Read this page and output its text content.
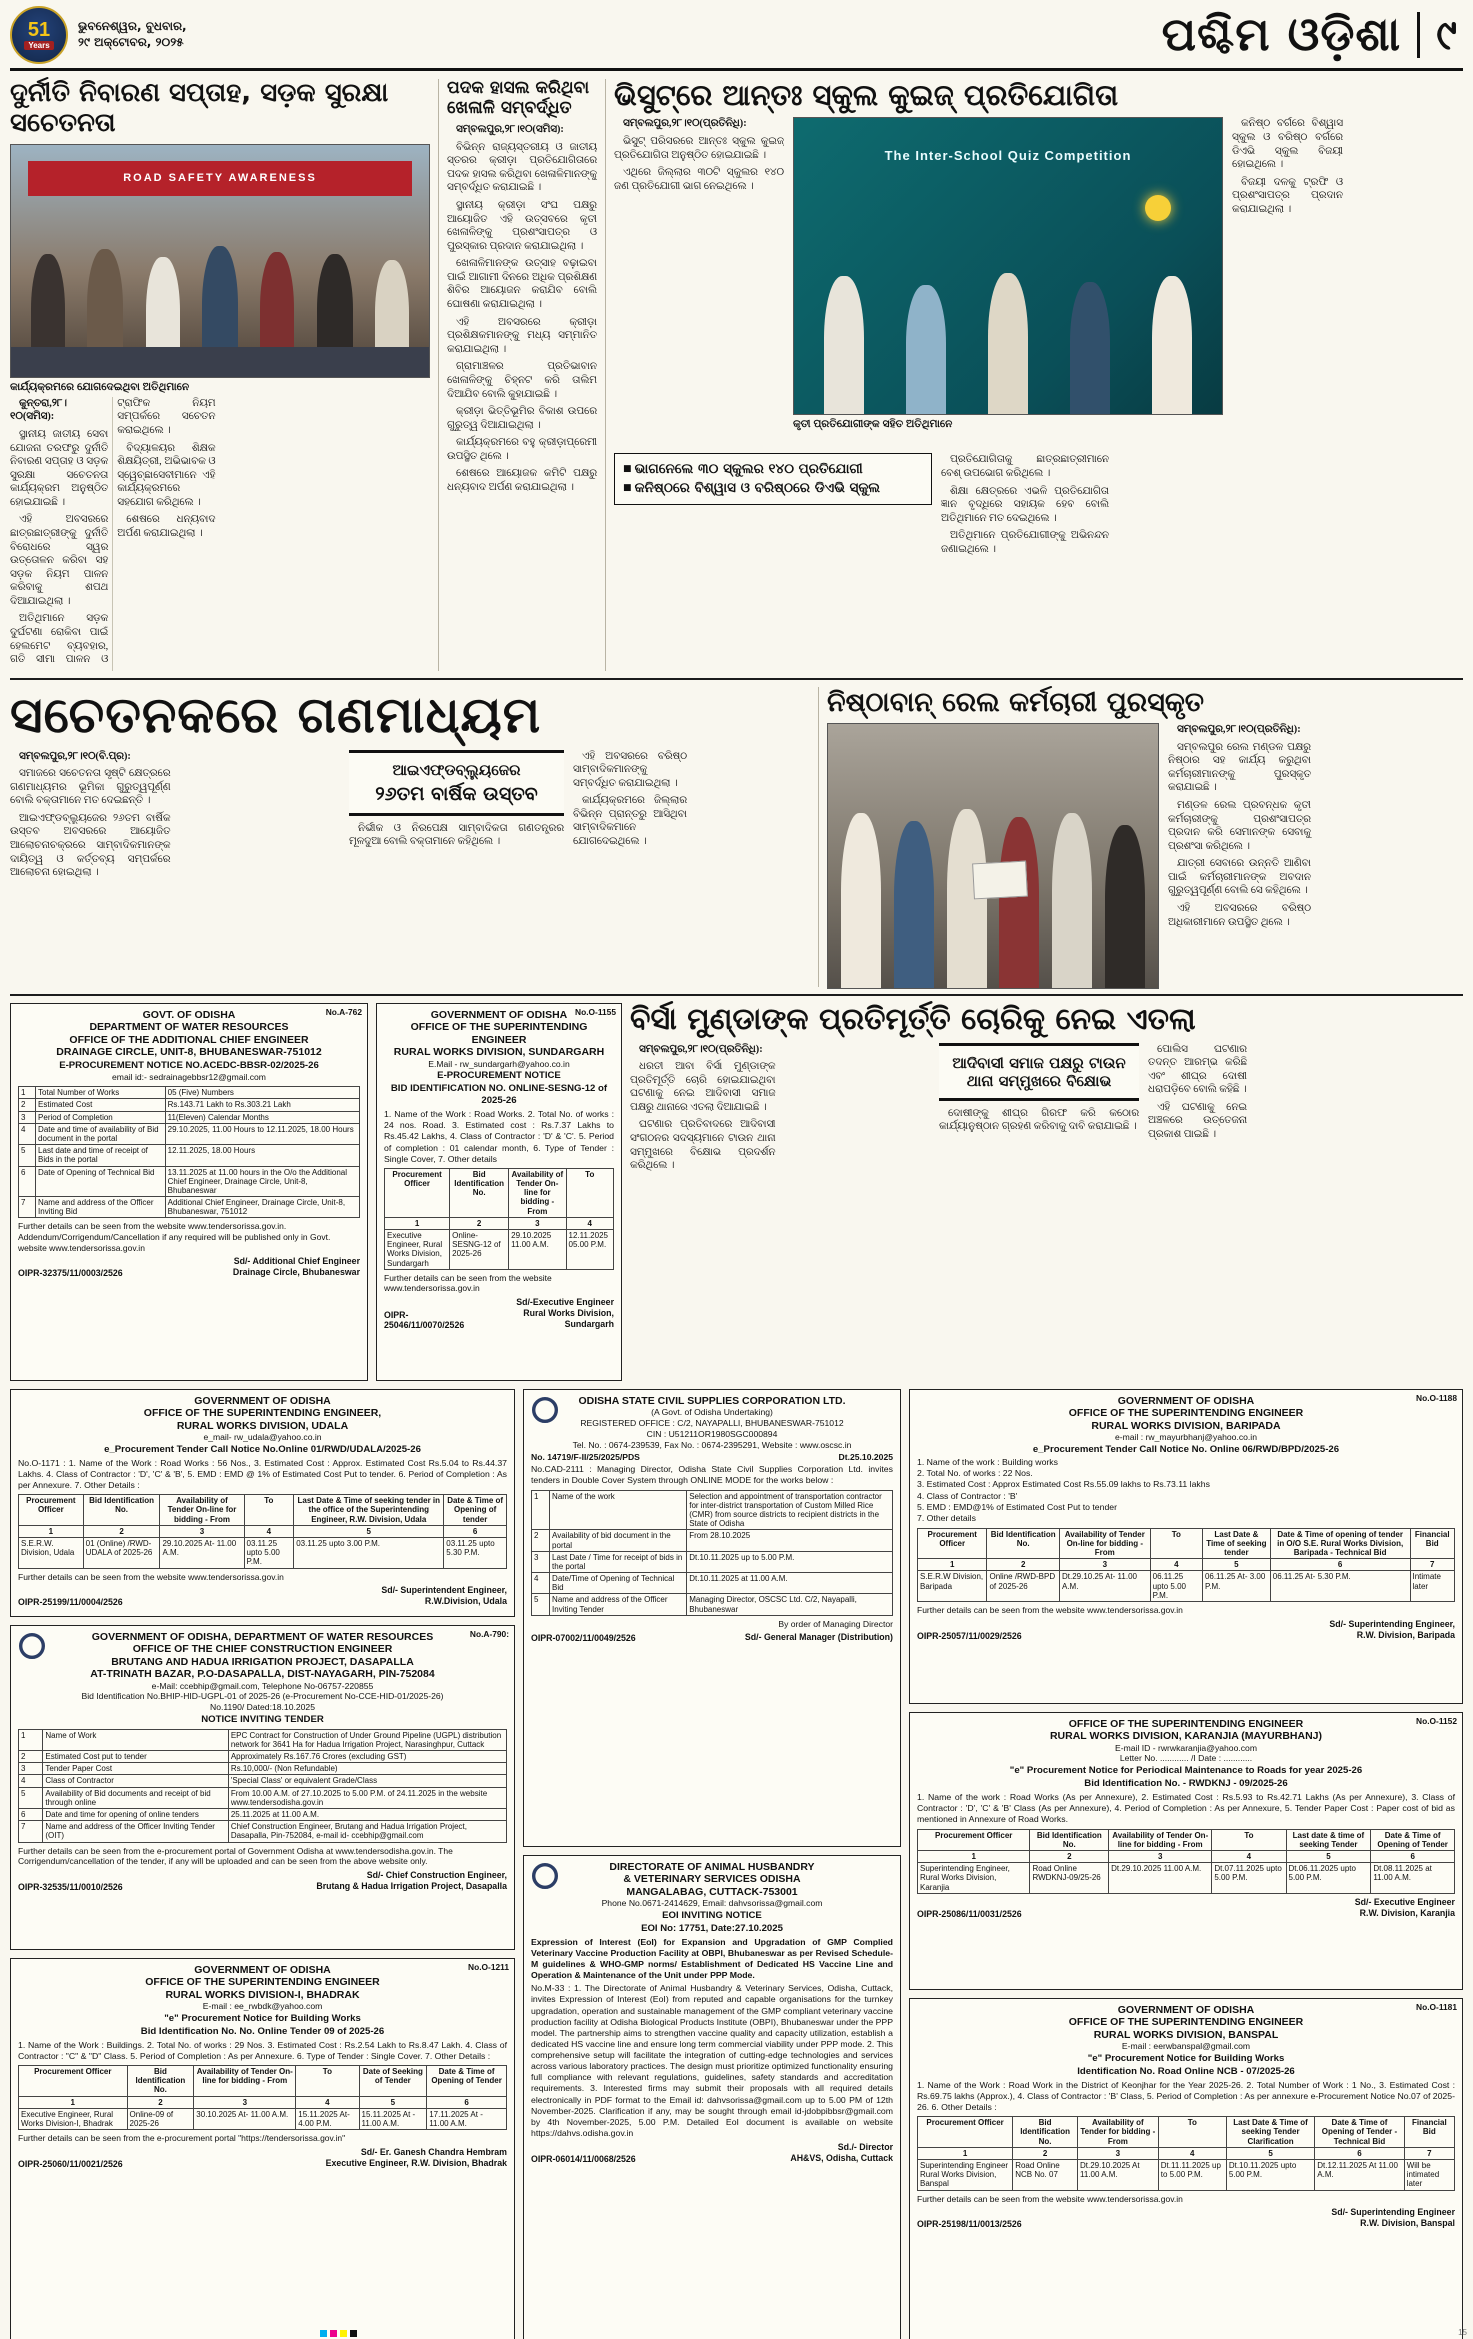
51
Years
ଭୁବନେଶ୍ୱର, ବୁଧବାର,
୨୯ ଅକ୍ଟୋବର, ୨୦୨୫	ପଶ୍ଚିମ ଓଡ଼ିଶା ୯
ଦୁର୍ନୀତି ନିବାରଣ ସପ୍ତାହ, ସଡ଼କ ସୁରକ୍ଷା ସଚେତନତା
ROAD SAFETY AWARENESS
କାର୍ଯ୍ୟକ୍ରମରେ ଯୋଗଦେଇଥିବା ଅତିଥିମାନେ

କୁନ୍ତରା,୨୮।୧୦(ସମିସ):

ସ୍ଥାନୀୟ ଜାତୀୟ ସେବା ଯୋଜନା ତରଫରୁ ଦୁର୍ନୀତି ନିବାରଣ ସପ୍ତାହ ଓ ସଡ଼କ ସୁରକ୍ଷା ସଚେତନତା କାର୍ଯ୍ୟକ୍ରମ ଅନୁଷ୍ଠିତ ହୋଇଯାଇଛି ।

ଏହି ଅବସରରେ ଛାତ୍ରଛାତ୍ରୀଙ୍କୁ ଦୁର୍ନୀତି ବିରୋଧରେ ସ୍ୱର ଉତ୍ତୋଳନ କରିବା ସହ ସଡ଼କ ନିୟମ ପାଳନ କରିବାକୁ ଶପଥ ଦିଆଯାଇଥିଲା ।

ଅତିଥିମାନେ ସଡ଼କ ଦୁର୍ଘଟଣା ରୋକିବା ପାଇଁ ହେଲମେଟ ବ୍ୟବହାର, ଗତି ସୀମା ପାଳନ ଓ ଟ୍ରାଫିକ ନିୟମ ସମ୍ପର୍କରେ ସଚେତନ କରାଇଥିଲେ ।

ବିଦ୍ୟାଳୟର ଶିକ୍ଷକ ଶିକ୍ଷୟିତ୍ରୀ, ଅଭିଭାବକ ଓ ସ୍ୱେଚ୍ଛାସେବୀମାନେ ଏହି କାର୍ଯ୍ୟକ୍ରମରେ ସହଯୋଗ କରିଥିଲେ ।

ଶେଷରେ ଧନ୍ୟବାଦ ଅର୍ପଣ କରାଯାଇଥିଲା ।

ପଦକ ହାସଲ କରିଥିବା ଖେଳାଳି ସମ୍ବର୍ଦ୍ଧିତ

ସମ୍ବଲପୁର,୨୮।୧୦(ସମିସ):

ବିଭିନ୍ନ ରାଜ୍ୟସ୍ତରୀୟ ଓ ଜାତୀୟ ସ୍ତରର କ୍ରୀଡ଼ା ପ୍ରତିଯୋଗିତାରେ ପଦକ ହାସଲ କରିଥିବା ଖେଳାଳିମାନଙ୍କୁ ସମ୍ବର୍ଦ୍ଧିତ କରାଯାଇଛି ।

ସ୍ଥାନୀୟ କ୍ରୀଡ଼ା ସଂଘ ପକ୍ଷରୁ ଆୟୋଜିତ ଏହି ଉତ୍ସବରେ କୃତୀ ଖେଳାଳିଙ୍କୁ ପ୍ରଶଂସାପତ୍ର ଓ ପୁରସ୍କାର ପ୍ରଦାନ କରାଯାଇଥିଲା ।

ଖେଳାଳିମାନଙ୍କ ଉତ୍ସାହ ବଢ଼ାଇବା ପାଇଁ ଆଗାମୀ ଦିନରେ ଅଧିକ ପ୍ରଶିକ୍ଷଣ ଶିବିର ଆୟୋଜନ କରାଯିବ ବୋଲି ଘୋଷଣା କରାଯାଇଥିଲା ।

ଏହି ଅବସରରେ କ୍ରୀଡ଼ା ପ୍ରଶିକ୍ଷକମାନଙ୍କୁ ମଧ୍ୟ ସମ୍ମାନିତ କରାଯାଇଥିଲା ।

ଗ୍ରାମାଞ୍ଚଳର ପ୍ରତିଭାବାନ ଖେଳାଳିଙ୍କୁ ଚିହ୍ନଟ କରି ତାଲିମ ଦିଆଯିବ ବୋଲି କୁହାଯାଇଛି ।

କ୍ରୀଡ଼ା ଭିତ୍ତିଭୂମିର ବିକାଶ ଉପରେ ଗୁରୁତ୍ୱ ଦିଆଯାଇଥିଲା ।

କାର୍ଯ୍ୟକ୍ରମରେ ବହୁ କ୍ରୀଡ଼ାପ୍ରେମୀ ଉପସ୍ଥିତ ଥିଲେ ।

ଶେଷରେ ଆୟୋଜକ କମିଟି ପକ୍ଷରୁ ଧନ୍ୟବାଦ ଅର୍ପଣ କରାଯାଇଥିଲା ।

ଭିସୁଟ୍‌ରେ ଆନ୍ତଃ ସ୍କୁଲ କୁଇଜ୍ ପ୍ରତିଯୋଗିତା

ସମ୍ବଲପୁର,୨୮।୧୦(ପ୍ରତିନିଧି):

ଭିସୁଟ୍ ପରିସରରେ ଆନ୍ତଃ ସ୍କୁଲ କୁଇଜ୍ ପ୍ରତିଯୋଗିତା ଅନୁଷ୍ଠିତ ହୋଇଯାଇଛି ।

ଏଥିରେ ଜିଲ୍ଲାର ୩୦ଟି ସ୍କୁଲର ୧୪୦ ଜଣ ପ୍ରତିଯୋଗୀ ଭାଗ ନେଇଥିଲେ ।

The Inter-School Quiz Competition
କୃତୀ ପ୍ରତିଯୋଗୀଙ୍କ ସହିତ ଅତିଥିମାନେ

କନିଷ୍ଠ ବର୍ଗରେ ବିଶ୍ୱାସ ସ୍କୁଲ ଓ ବରିଷ୍ଠ ବର୍ଗରେ ଡିଏଭି ସ୍କୁଲ ବିଜୟୀ ହୋଇଥିଲେ ।

ବିଜୟୀ ଦଳକୁ ଟ୍ରଫି ଓ ପ୍ରଶଂସାପତ୍ର ପ୍ରଦାନ କରାଯାଇଥିଲା ।

■ ଭାଗନେଲେ ୩୦ ସ୍କୁଲର ୧୪୦ ପ୍ରତିଯୋଗୀ
■ କନିଷ୍ଠରେ ବିଶ୍ୱାସ ଓ ବରିଷ୍ଠରେ ଡିଏଭି ସ୍କୁଲ

ପ୍ରତିଯୋଗିତାକୁ ଛାତ୍ରଛାତ୍ରୀମାନେ ବେଶ୍ ଉପଭୋଗ କରିଥିଲେ ।

ଶିକ୍ଷା କ୍ଷେତ୍ରରେ ଏଭଳି ପ୍ରତିଯୋଗିତା ଜ୍ଞାନ ବୃଦ୍ଧିରେ ସହାୟକ ହେବ ବୋଲି ଅତିଥିମାନେ ମତ ଦେଇଥିଲେ ।

ଅତିଥିମାନେ ପ୍ରତିଯୋଗୀଙ୍କୁ ଅଭିନନ୍ଦନ ଜଣାଇଥିଲେ ।

ସଚେତନକରେ ଗଣମାଧ୍ୟମ

ସମ୍ବଲପୁର,୨୮।୧୦(ବି.ପ୍ର):

ସମାଜରେ ସଚେତନତା ସୃଷ୍ଟି କ୍ଷେତ୍ରରେ ଗଣମାଧ୍ୟମର ଭୂମିକା ଗୁରୁତ୍ୱପୂର୍ଣ୍ଣ ବୋଲି ବକ୍ତାମାନେ ମତ ଦେଇଛନ୍ତି ।

ଆଇଏଫ୍‌ଡବ୍ଲ୍ୟୁଜେର ୨୬ତମ ବାର୍ଷିକ ଉସ୍ତବ ଅବସରରେ ଆୟୋଜିତ ଆଲୋଚନାଚକ୍ରରେ ସାମ୍ବାଦିକମାନଙ୍କ ଦାୟିତ୍ୱ ଓ କର୍ତ୍ତବ୍ୟ ସମ୍ପର୍କରେ ଆଲୋଚନା ହୋଇଥିଲା ।

ଆଇଏଫ୍‌ଡବ୍ଲ୍ୟୁଜେର
୨୬ତମ ବାର୍ଷିକ ଉସ୍ତବ

ନିର୍ଭୀକ ଓ ନିରପେକ୍ଷ ସାମ୍ବାଦିକତା ଗଣତନ୍ତ୍ରର ମୂଳଦୁଆ ବୋଲି ବକ୍ତାମାନେ କହିଥିଲେ ।

ଏହି ଅବସରରେ ବରିଷ୍ଠ ସାମ୍ବାଦିକମାନଙ୍କୁ ସମ୍ବର୍ଦ୍ଧିତ କରାଯାଇଥିଲା ।

କାର୍ଯ୍ୟକ୍ରମରେ ଜିଲ୍ଲାର ବିଭିନ୍ନ ପ୍ରାନ୍ତରୁ ଆସିଥିବା ସାମ୍ବାଦିକମାନେ ଯୋଗଦେଇଥିଲେ ।

ନିଷ୍ଠାବାନ୍ ରେଲ କର୍ମଚାରୀ ପୁରସ୍କୃତ

ସମ୍ବଲପୁର,୨୮।୧୦(ପ୍ରତିନିଧି):

ସମ୍ବଲପୁର ରେଲ ମଣ୍ଡଳ ପକ୍ଷରୁ ନିଷ୍ଠାର ସହ କାର୍ଯ୍ୟ କରୁଥିବା କର୍ମଚାରୀମାନଙ୍କୁ ପୁରସ୍କୃତ କରାଯାଇଛି ।

ମଣ୍ଡଳ ରେଲ ପ୍ରବନ୍ଧକ କୃତୀ କର୍ମଚାରୀଙ୍କୁ ପ୍ରଶଂସାପତ୍ର ପ୍ରଦାନ କରି ସେମାନଙ୍କ ସେବାକୁ ପ୍ରଶଂସା କରିଥିଲେ ।

ଯାତ୍ରୀ ସେବାରେ ଉନ୍ନତି ଆଣିବା ପାଇଁ କର୍ମଚାରୀମାନଙ୍କ ଅବଦାନ ଗୁରୁତ୍ୱପୂର୍ଣ୍ଣ ବୋଲି ସେ କହିଥିଲେ ।

ଏହି ଅବସରରେ ବରିଷ୍ଠ ଅଧିକାରୀମାନେ ଉପସ୍ଥିତ ଥିଲେ ।

No.A-762
GOVT. OF ODISHA
DEPARTMENT OF WATER RESOURCES
OFFICE OF THE ADDITIONAL CHIEF ENGINEER
DRAINAGE CIRCLE, UNIT-8, BHUBANESWAR-751012
E-PROCUREMENT NOTICE NO.ACEDC-BBSR-02/2025-26
email id:- sedrainagebbsr12@gmail.com
1	Total Number of Works	05 (Five) Numbers
2	Estimated Cost	Rs.143.71 Lakh to Rs.303.21 Lakh
3	Period of Completion	11(Eleven) Calendar Months
4	Date and time of availability of Bid document in the portal	29.10.2025, 11.00 Hours to 12.11.2025, 18.00 Hours
5	Last date and time of receipt of Bids in the portal	12.11.2025, 18.00 Hours
6	Date of Opening of Technical Bid	13.11.2025 at 11.00 hours in the O/o the Additional Chief Engineer, Drainage Circle, Unit-8, Bhubaneswar
7	Name and address of the Officer Inviting Bid	Additional Chief Engineer, Drainage Circle, Unit-8, Bhubaneswar, 751012
Further details can be seen from the website www.tendersorissa.gov.in. Addendum/Corrigendum/Cancellation if any required will be published only in Govt. website www.tendersorissa.gov.in
OIPR-32375/11/0003/2526
Sd/- Additional Chief Engineer
Drainage Circle, Bhubaneswar
No.O-1155
GOVERNMENT OF ODISHA
OFFICE OF THE SUPERINTENDING ENGINEER
RURAL WORKS DIVISION, SUNDARGARH
E.Mail - rw_sundargarh@yahoo.co.in
E-PROCUREMENT NOTICE
BID IDENTIFICATION NO. ONLINE-SESNG-12 of 2025-26
1. Name of the Work : Road Works. 2. Total No. of works : 24 nos. Road. 3. Estimated cost : Rs.7.37 Lakhs to Rs.45.42 Lakhs, 4. Class of Contractor : 'D' & 'C'. 5. Period of completion : 01 calendar month, 6. Type of Tender : Single Cover, 7. Other details
Procurement Officer	Bid Identification No.	Availability of Tender On-line for bidding - From	To
1	2	3	4
Executive Engineer, Rural Works Division, Sundargarh	Online-SESNG-12 of 2025-26	29.10.2025 11.00 A.M.	12.11.2025 05.00 P.M.
Further details can be seen from the website www.tendersorissa.gov.in
OIPR-25046/11/0070/2526
Sd/-Executive Engineer
Rural Works Division, Sundargarh
ବିର୍ସା ମୁଣ୍ଡାଙ୍କ ପ୍ରତିମୂର୍ତ୍ତି ଚୋରିକୁ ନେଇ ଏତଲା

ସମ୍ବଲପୁର,୨୮।୧୦(ପ୍ରତିନିଧି):

ଧରତୀ ଆବା ବିର୍ସା ମୁଣ୍ଡାଙ୍କ ପ୍ରତିମୂର୍ତ୍ତି ଚୋରି ହୋଇଯାଇଥିବା ଘଟଣାକୁ ନେଇ ଆଦିବାସୀ ସମାଜ ପକ୍ଷରୁ ଥାନାରେ ଏତଲା ଦିଆଯାଇଛି ।

ଘଟଣାର ପ୍ରତିବାଦରେ ଆଦିବାସୀ ସଂଗଠନର ସଦସ୍ୟମାନେ ଟାଉନ ଥାନା ସମ୍ମୁଖରେ ବିକ୍ଷୋଭ ପ୍ରଦର୍ଶନ କରିଥିଲେ ।

ଆଦିବାସୀ ସମାଜ ପକ୍ଷରୁ ଟାଉନ
ଥାନା ସମ୍ମୁଖରେ ବିକ୍ଷୋଭ

ଦୋଷୀଙ୍କୁ ଶୀଘ୍ର ଗିରଫ କରି କଠୋର କାର୍ଯ୍ୟାନୁଷ୍ଠାନ ଗ୍ରହଣ କରିବାକୁ ଦାବି କରାଯାଇଛି ।

ପୋଲିସ ଘଟଣାର ତଦନ୍ତ ଆରମ୍ଭ କରିଛି ଏବଂ ଶୀଘ୍ର ଦୋଷୀ ଧରାପଡ଼ିବେ ବୋଲି କହିଛି ।

ଏହି ଘଟଣାକୁ ନେଇ ଅଞ୍ଚଳରେ ଉତ୍ତେଜନା ପ୍ରକାଶ ପାଇଛି ।

GOVERNMENT OF ODISHA
OFFICE OF THE SUPERINTENDING ENGINEER,
RURAL WORKS DIVISION, UDALA
e_mail- rw_udala@yahoo.co.in
e_Procurement Tender Call Notice No.Online 01/RWD/UDALA/2025-26
No.O-1171 : 1. Name of the Work : Road Works : 56 Nos., 3. Estimated Cost : Approx. Estimated Cost Rs.5.04 to Rs.44.37 Lakhs. 4. Class of Contractor : 'D', 'C' & 'B', 5. EMD : EMD @ 1% of Estimated Cost Put to tender. 6. Period of Completion : As per Annexure. 7. Other Details :
Procurement Officer	Bid Identification No.	Availability of Tender On-line for bidding - From	To	Last Date & Time of seeking tender in the office of the Superintending Engineer, R.W. Division, Udala	Date & Time of Opening of tender
1	2	3	4	5	6
S.E.R.W. Division, Udala	01 (Online) /RWD-UDALA of 2025-26	29.10.2025 At- 11.00 A.M.	03.11.25 upto 5.00 P.M.	03.11.25 upto 3.00 P.M.	03.11.25 upto 5.30 P.M.
Further details can be seen from the website www.tendersorissa.gov.in
OIPR-25199/11/0004/2526
Sd/- Superintendent Engineer,
R.W.Division, Udala
No.A-790:
GOVERNMENT OF ODISHA, DEPARTMENT OF WATER RESOURCES
OFFICE OF THE CHIEF CONSTRUCTION ENGINEER
BRUTANG AND HADUA IRRIGATION PROJECT, DASAPALLA
AT-TRINATH BAZAR, P.O-DASAPALLA, DIST-NAYAGARH, PIN-752084
e-Mail: ccebhip@gmail.com, Telephone No-06757-220855
Bid Identification No.BHIP-HID-UGPL-01 of 2025-26 (e-Procurement No-CCE-HID-01/2025-26)
No.1190/ Dated:18.10.2025
NOTICE INVITING TENDER
1	Name of Work	EPC Contract for Construction of Under Ground Pipeline (UGPL) distribution network for 3641 Ha for Hadua Irrigation Project, Narasinghpur, Cuttack
2	Estimated Cost put to tender	Approximately Rs.167.76 Crores (excluding GST)
3	Tender Paper Cost	Rs.10,000/- (Non Refundable)
4	Class of Contractor	'Special Class' or equivalent Grade/Class
5	Availability of Bid documents and receipt of bid through online	From 10.00 A.M. of 27.10.2025 to 5.00 P.M. of 24.11.2025 in the website www.tendersodisha.gov.in
6	Date and time for opening of online tenders	25.11.2025 at 11.00 A.M.
7	Name and address of the Officer Inviting Tender (OIT)	Chief Construction Engineer, Brutang and Hadua Irrigation Project, Dasapalla, Pin-752084, e-mail id- ccebhip@gmail.com
Further details can be seen from the e-procurement portal of Government Odisha at www.tendersodisha.gov.in. The Corrigendum/cancellation of the tender, if any will be uploaded and can be seen from the above website only.
OIPR-32535/11/0010/2526
Sd/- Chief Construction Engineer,
Brutang & Hadua Irrigation Project, Dasapalla
No.O-1211
GOVERNMENT OF ODISHA
OFFICE OF THE SUPERINTENDING ENGINEER
RURAL WORKS DIVISION-I, BHADRAK
E-mail : ee_rwbdk@yahoo.com
"e" Procurement Notice for Building Works
Bid Identification No. No. Online Tender 09 of 2025-26
1. Name of the Work : Buildings. 2. Total No. of works : 29 Nos. 3. Estimated Cost : Rs.2.54 Lakh to Rs.8.47 Lakh. 4. Class of Contractor : "C" & "D" Class. 5. Period of Completion : As per Annexure. 6. Type of Tender : Single Cover. 7. Other Details :
Procurement Officer	Bid Identification No.	Availability of Tender On-line for bidding - From	To	Date of Seeking of Tender	Date & Time of Opening of Tender
1	2	3	4	5	6
Executive Engineer, Rural Works Division-I, Bhadrak	Online-09 of 2025-26	30.10.2025 At- 11.00 A.M.	15.11.2025 At- 4.00 P.M.	15.11.2025 At - 11.00 A.M.	17.11.2025 At - 11.00 A.M.
Further details can be seen from the e-procurement portal "https://tendersorissa.gov.in"
OIPR-25060/11/0021/2526
Sd/- Er. Ganesh Chandra Hembram
Executive Engineer, R.W. Division, Bhadrak
ODISHA STATE CIVIL SUPPLIES CORPORATION LTD.
(A Govt. of Odisha Undertaking)
REGISTERED OFFICE : C/2, NAYAPALLI, BHUBANESWAR-751012
CIN : U51211OR1980SGC000894
Tel. No. : 0674-239539, Fax No. : 0674-2395291, Website : www.oscsc.in
No. 14719/F-II/25/2025/PDS	Dt.25.10.2025
No.CAD-2111 : Managing Director, Odisha State Civil Supplies Corporation Ltd. invites tenders in Double Cover System through ONLINE MODE for the works below :
1	Name of the work	Selection and appointment of transportation contractor for inter-district transportation of Custom Milled Rice (CMR) from source districts to recipient districts in the State of Odisha
2	Availability of bid document in the portal	From 28.10.2025
3	Last Date / Time for receipt of bids in the portal	Dt.10.11.2025 up to 5.00 P.M.
4	Date/Time of Opening of Technical Bid	Dt.10.11.2025 at 11.00 A.M.
5	Name and address of the Officer Inviting Tender	Managing Director, OSCSC Ltd. C/2, Nayapalli, Bhubaneswar
By order of Managing Director
OIPR-07002/11/0049/2526	Sd/- General Manager (Distribution)
DIRECTORATE OF ANIMAL HUSBANDRY
& VETERINARY SERVICES ODISHA
MANGALABAG, CUTTACK-753001
Phone No.0671-2414629, Email: dahvsorissa@gmail.com
EOI INVITING NOTICE
EOI No: 17751, Date:27.10.2025
Expression of Interest (EoI) for Expansion and Upgradation of GMP Complied Veterinary Vaccine Production Facility at OBPI, Bhubaneswar as per Revised Schedule-M guidelines & WHO-GMP norms/ Establishment of Dedicated HS Vaccine Line and Operation & Maintenance of the Unit under PPP Mode.
No.M-33 : 1. The Directorate of Animal Husbandry & Veterinary Services, Odisha, Cuttack, invites Expression of Interest (EoI) from reputed and capable organisations for the turnkey upgradation, operation and sustainable management of the GMP compliant veterinary vaccine production facility at Odisha Biological Products Institute (OBPI), Bhubaneswar under the PPP model. The partnership aims to strengthen vaccine quality and capacity utilization, establish a dedicated HS vaccine line and ensure long term commercial viability under PPP mode. 2. This comprehensive setup will facilitate the integration of cutting-edge technologies and services across various laboratory practices. The design must prioritize optimized functionality ensuring full compliance with relevant regulations, guidelines, safety standards and accreditation requirements. 3. Interested firms may submit their proposals with all required details electronically in PDF format to the Email id: dahvsorissa@gmail.com up to 5.00 PM of 12th November-2025. Clarification if any, may be sought through email id-jdobpibbsr@gmail.com by 4th November-2025, 5.00 P.M. Detailed EoI document is available on website https://dahvs.odisha.gov.in
OIPR-06014/11/0068/2526
Sd./- Director
AH&VS, Odisha, Cuttack
No.O-1188
GOVERNMENT OF ODISHA
OFFICE OF THE SUPERINTENDING ENGINEER
RURAL WORKS DIVISION, BARIPADA
e-mail : rw_mayurbhanj@yahoo.co.in
e_Procurement Tender Call Notice No. Online 06/RWD/BPD/2025-26
1. Name of the work : Building works
2. Total No. of works : 22 Nos.
3. Estimated Cost : Approx Estimated Cost Rs.55.09 lakhs to Rs.73.11 lakhs
4. Class of Contractor : 'B'
5. EMD : EMD@1% of Estimated Cost Put to tender
7. Other details
Procurement Officer	Bid Identification No.	Availability of Tender On-line for bidding - From	To	Last Date & Time of seeking tender	Date & Time of opening of tender in O/O S.E. Rural Works Division, Baripada - Technical Bid	Financial Bid
1	2	3	4	5	6	7
S.E.R.W Division, Baripada	Online /RWD-BPD of 2025-26	Dt.29.10.25 At- 11.00 A.M.	06.11.25 upto 5.00 P.M.	06.11.25 At- 3.00 P.M.	06.11.25 At- 5.30 P.M.	Intimate later
Further details can be seen from the website www.tendersorissa.gov.in
OIPR-25057/11/0029/2526
Sd/- Superintending Engineer,
R.W. Division, Baripada
No.O-1152
OFFICE OF THE SUPERINTENDING ENGINEER
RURAL WORKS DIVISION, KARANJIA (MAYURBHANJ)
E-mail ID - rwrwkaranjia@yahoo.com
Letter No. ............ /I Date : ............
"e" Procurement Notice for Periodical Maintenance to Roads for year 2025-26
Bid Identification No. - RWDKNJ - 09/2025-26
1. Name of the work : Road Works (As per Annexure), 2. Estimated Cost : Rs.5.93 to Rs.42.71 Lakhs (As per Annexure), 3. Class of Contractor : 'D', 'C' & 'B' Class (As per Annexure), 4. Period of Completion : As per Annexure, 5. Tender Paper Cost : Paper cost of bid as mentioned in Annexure of Road Works.
Procurement Officer	Bid Identification No.	Availability of Tender On-line for bidding - From	To	Last date & time of seeking Tender	Date & Time of Opening of Tender
1	2	3	4	5	6
Superintending Engineer, Rural Works Division, Karanjia	Road Online RWDKNJ-09/25-26	Dt.29.10.2025 11.00 A.M.	Dt.07.11.2025 upto 5.00 P.M.	Dt.06.11.2025 upto 5.00 P.M.	Dt.08.11.2025 at 11.00 A.M.
OIPR-25086/11/0031/2526
Sd/- Executive Engineer
R.W. Division, Karanjia
No.O-1181
GOVERNMENT OF ODISHA
OFFICE OF THE SUPERINTENDING ENGINEER
RURAL WORKS DIVISION, BANSPAL
E-mail : eerwbanspal@gmail.com
"e" Procurement Notice for Building Works
Identification No. Road Online NCB - 07/2025-26
1. Name of the Work : Road Work in the District of Keonjhar for the Year 2025-26. 2. Total Number of Work : 1 No., 3. Estimated Cost : Rs.69.75 lakhs (Approx.), 4. Class of Contractor : 'B' Class, 5. Period of Completion : As per annexure e-Procurement Notice No.07 of 2025-26. 6. Other Details :
Procurement Officer	Bid Identification No.	Availability of Tender for bidding - From	To	Last Date & Time of seeking Tender Clarification	Date & Time of Opening of Tender - Technical Bid	Financial Bid
1	2	3	4	5	6	7
Superintending Engineer Rural Works Division, Banspal	Road Online NCB No. 07	Dt.29.10.2025 At 11.00 A.M.	Dt.11.11.2025 up to 5.00 P.M.	Dt.10.11.2025 upto 5.00 P.M.	Dt.12.11.2025 At 11.00 A.M.	Will be intimated later
Further details can be seen from the website www.tendersorissa.gov.in
OIPR-25198/11/0013/2526
Sd/- Superintending Engineer
R.W. Division, Banspal
15
